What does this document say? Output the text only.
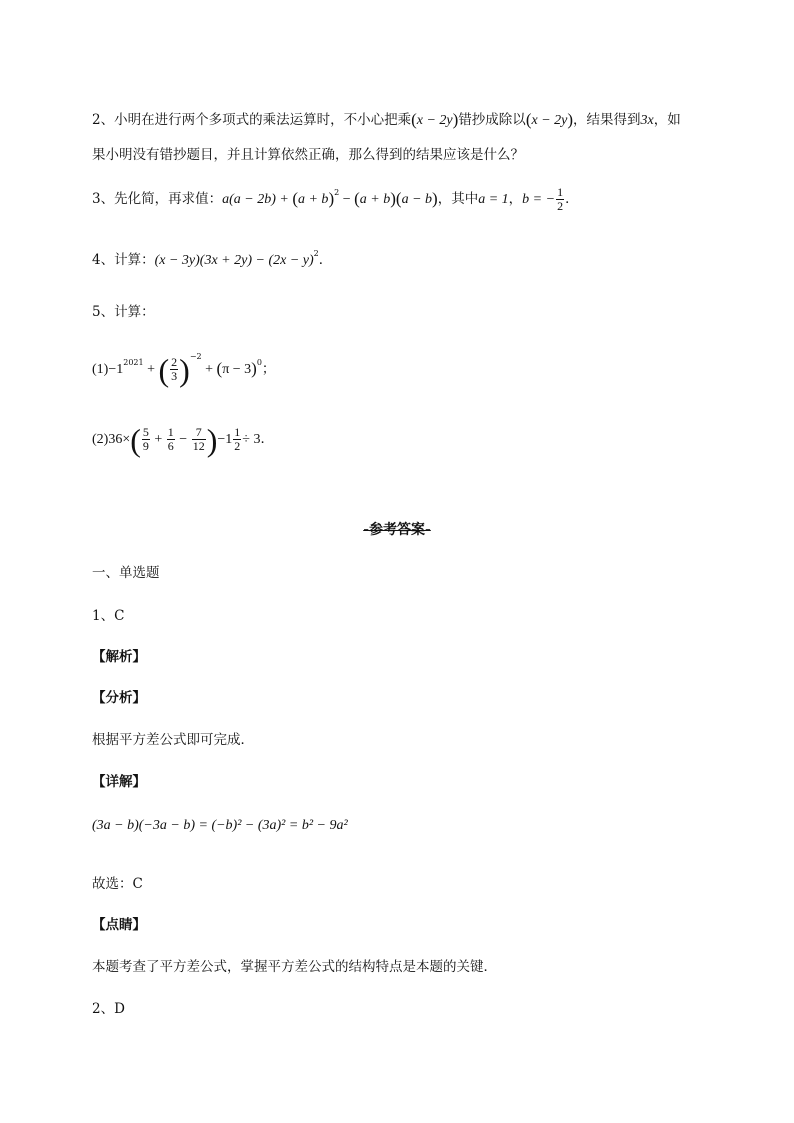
2、小明在进行两个多项式的乘法运算时，不小心把乘(x − 2y)错抄成除以(x − 2y)，结果得到3x，如
果小明没有错抄题目，并且计算依然正确，那么得到的结果应该是什么？
3、先化简，再求值：$a(a - 2b) + (a + b)^2 - (a + b)(a - b)$，其中a = 1，b = − $\frac{1}{2}$ ．
4、计算：$(x - 3y)(3x + 2y) - (2x - y)^2$．
5、计算：
$(1)-1^{2021}$ + ( $\frac{2}{3} )^{-2} + (\pi - 3)^0$；
$(2)36\times( \frac{5}{9} + \frac{1}{6} - \frac{7}{12} )-1 \frac{1}{2} \div 3$．
-参考答案-
一、单选题
1、C
【解析】
【分析】
根据平方差公式即可完成．
【详解】
(3a − b)(−3a − b) = (−b)² − (3a)² = b² − 9a²
故选：C
【点睛】
本题考查了平方差公式，掌握平方差公式的结构特点是本题的关键．
2、D
